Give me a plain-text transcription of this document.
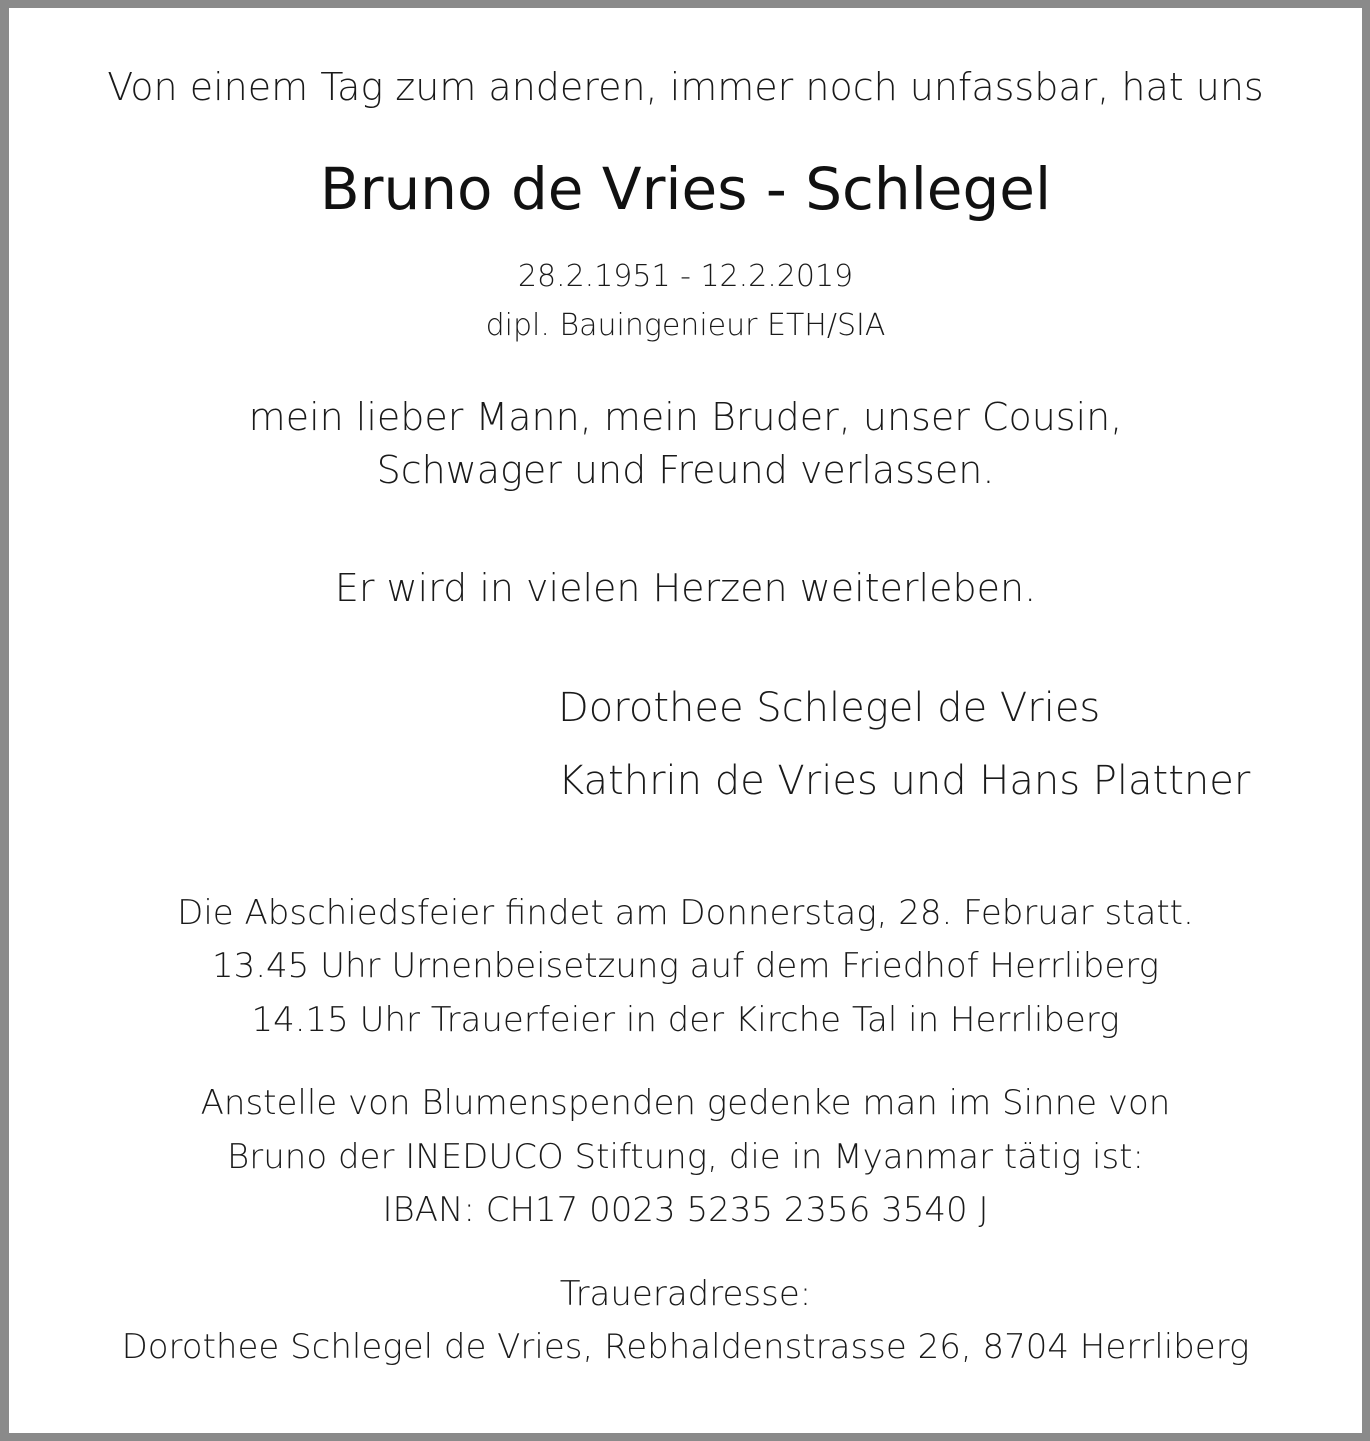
Von einem Tag zum anderen, immer noch unfassbar, hat uns
Bruno de Vries - Schlegel
28.2.1951 - 12.2.2019
dipl. Bauingenieur ETH/SIA
mein lieber Mann, mein Bruder, unser Cousin,
Schwager und Freund verlassen.
Er wird in vielen Herzen weiterleben.
Dorothee Schlegel de Vries
Kathrin de Vries und Hans Plattner
Die Abschiedsfeier findet am Donnerstag, 28. Februar statt.
13.45 Uhr Urnenbeisetzung auf dem Friedhof Herrliberg
14.15 Uhr Trauerfeier in der Kirche Tal in Herrliberg
Anstelle von Blumenspenden gedenke man im Sinne von
Bruno der INEDUCO Stiftung, die in Myanmar tätig ist:
IBAN: CH17 0023 5235 2356 3540 J
Traueradresse:
Dorothee Schlegel de Vries, Rebhaldenstrasse 26, 8704 Herrliberg
